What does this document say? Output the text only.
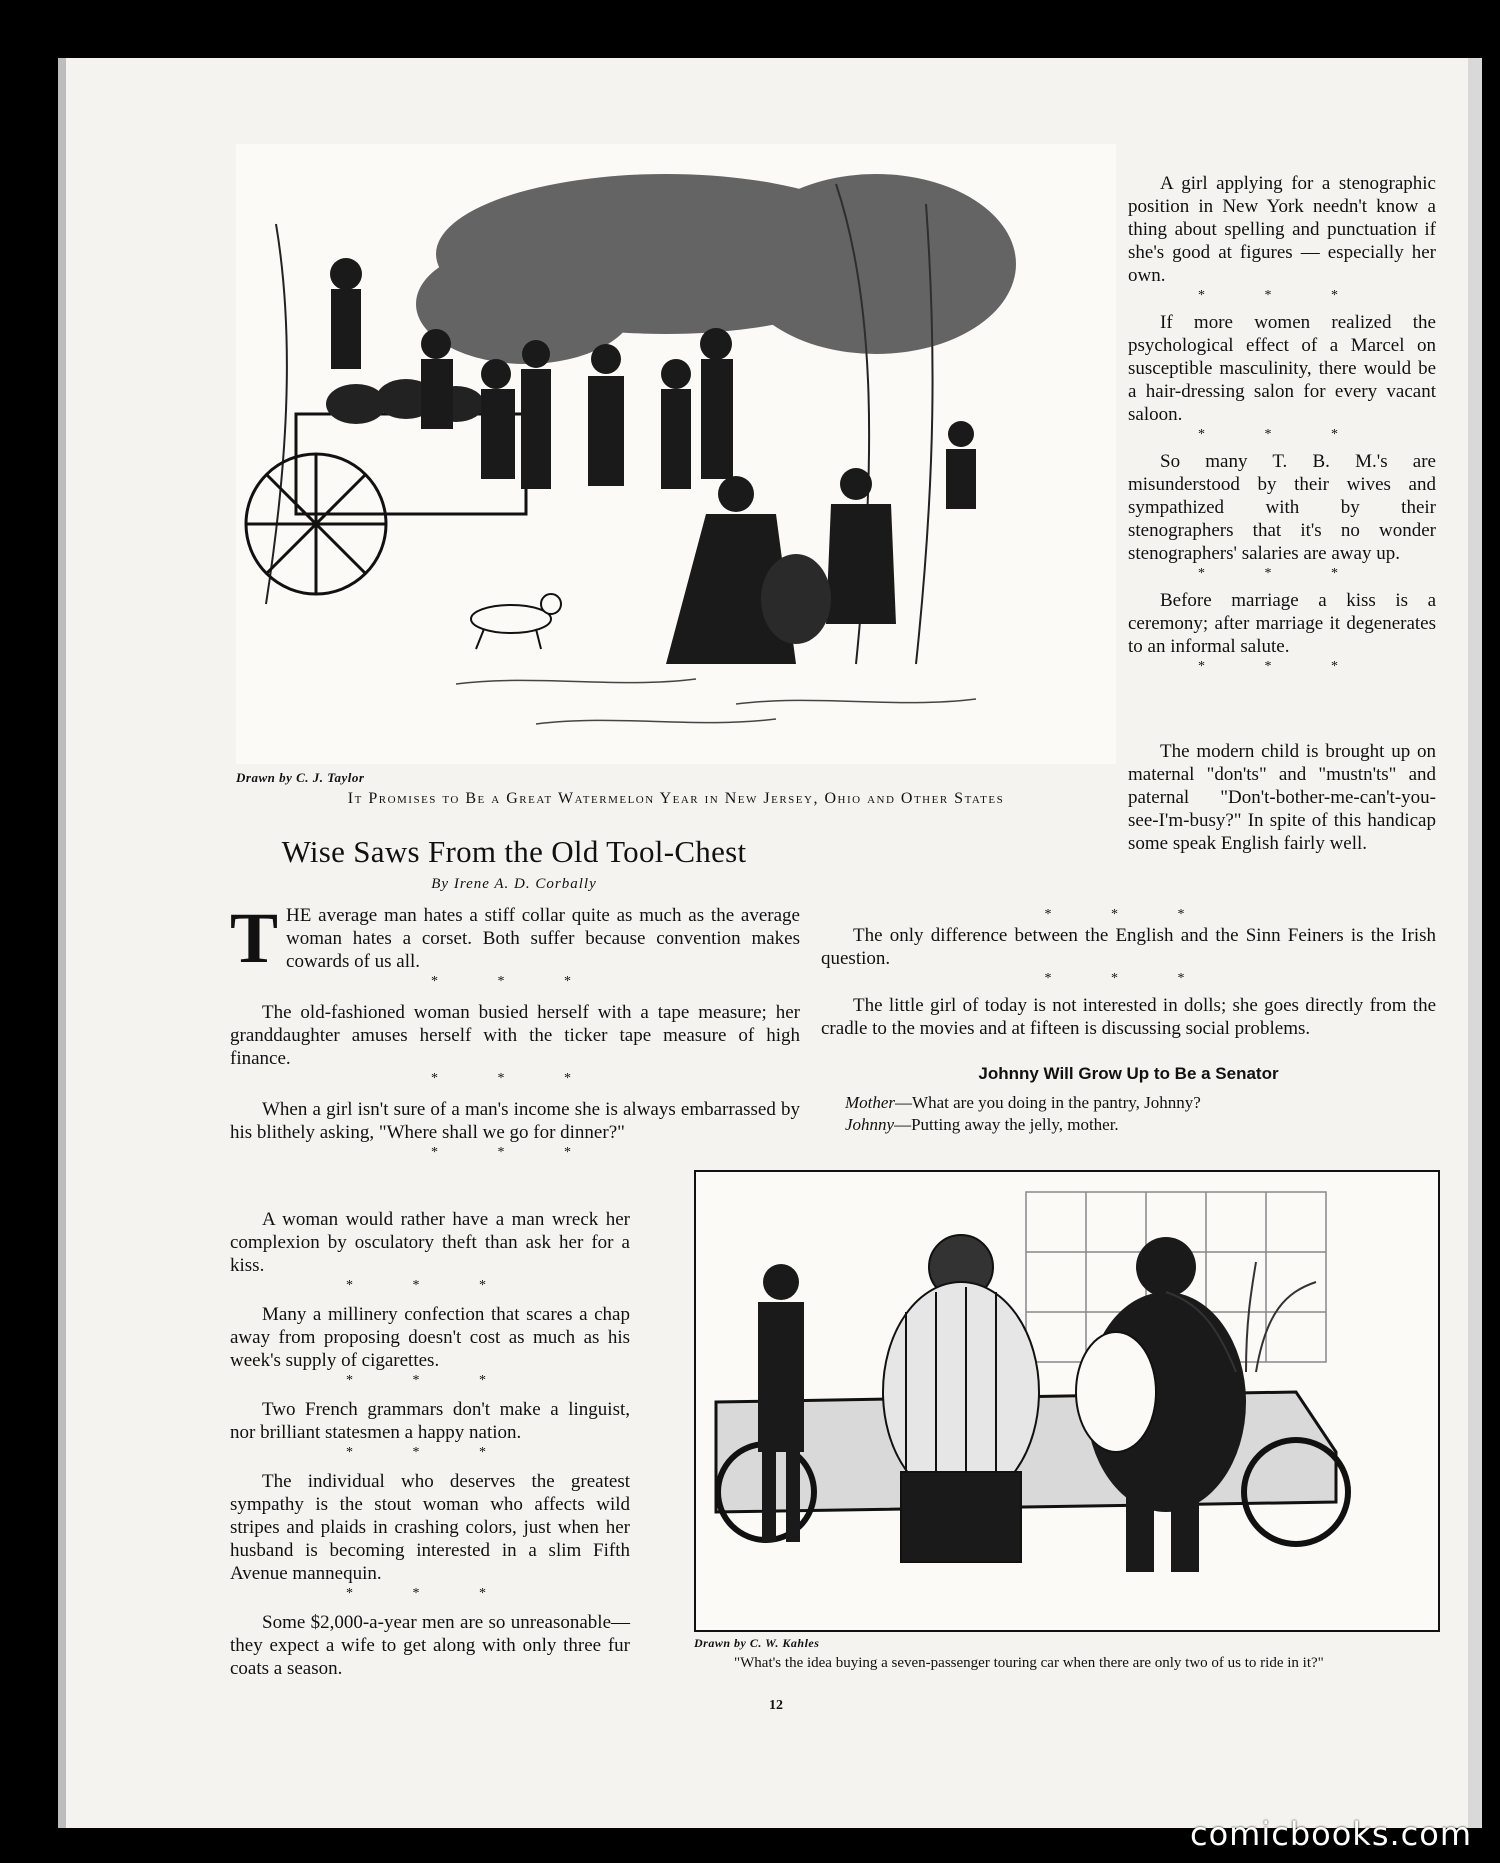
Drawn by C. J. Taylor
It Promises to Be a Great Watermelon Year in New Jersey, Ohio and Other States

A girl applying for a stenographic position in New York needn't know a thing about spelling and punctuation if she's good at figures — especially her own.

* * *

If more women realized the psychological effect of a Marcel on susceptible masculinity, there would be a hair-dressing salon for every vacant saloon.

* * *

So many T. B. M.'s are misunderstood by their wives and sympathized with by their stenographers that it's no wonder stenographers' salaries are away up.

* * *

Before marriage a kiss is a ceremony; after marriage it degenerates to an informal salute.

* * *

The modern child is brought up on maternal "don'ts" and "mustn'ts" and paternal "Don't-bother-me-can't-you-see-I'm-busy?" In spite of this handicap some speak English fairly well.

* * *

The only difference between the English and the Sinn Feiners is the Irish question.

* * *

The little girl of today is not interested in dolls; she goes directly from the cradle to the movies and at fifteen is discussing social problems.

Johnny Will Grow Up to Be a Senator

Mother—What are you doing in the pantry, Johnny?

Johnny—Putting away the jelly, mother.

Wise Saws From the Old Tool-Chest
By Irene A. D. Corbally

THE average man hates a stiff collar quite as much as the average woman hates a corset. Both suffer because convention makes cowards of us all.

* * *

The old-fashioned woman busied herself with a tape measure; her granddaughter amuses herself with the ticker tape measure of high finance.

* * *

When a girl isn't sure of a man's income she is always embarrassed by his blithely asking, "Where shall we go for dinner?"

* * *

A woman would rather have a man wreck her complexion by osculatory theft than ask her for a kiss.

* * *

Many a millinery confection that scares a chap away from proposing doesn't cost as much as his week's supply of cigarettes.

* * *

Two French grammars don't make a linguist, nor brilliant statesmen a happy nation.

* * *

The individual who deserves the greatest sympathy is the stout woman who affects wild stripes and plaids in crashing colors, just when her husband is becoming interested in a slim Fifth Avenue mannequin.

* * *

Some $2,000-a-year men are so unreasonable—they expect a wife to get along with only three fur coats a season.

Drawn by C. W. Kahles

"What's the idea buying a seven-passenger touring car when there are only two of us to ride in it?"

12
comicbooks.com
